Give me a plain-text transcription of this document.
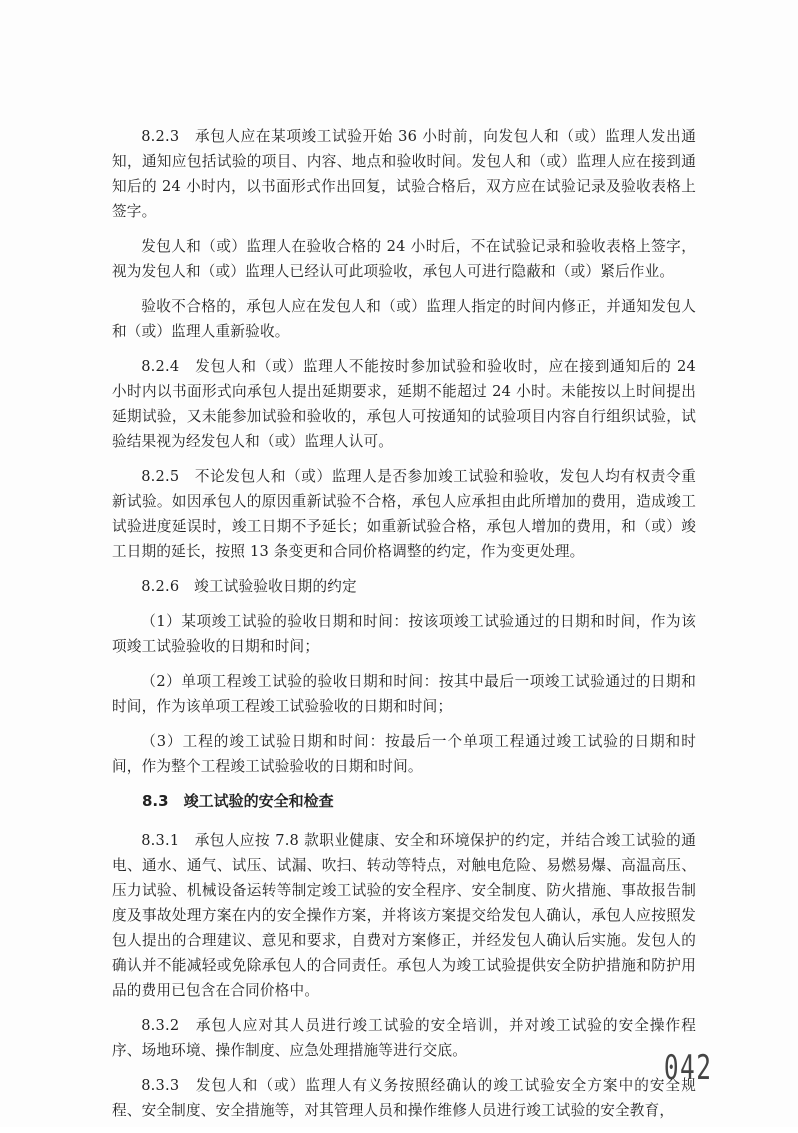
8.2.3　承包人应在某项竣工试验开始 36 小时前，向发包人和（或）监理人发出通知，通知应包括试验的项目、内容、地点和验收时间。发包人和（或）监理人应在接到通知后的 24 小时内，以书面形式作出回复，试验合格后，双方应在试验记录及验收表格上签字。

发包人和（或）监理人在验收合格的 24 小时后，不在试验记录和验收表格上签字，视为发包人和（或）监理人已经认可此项验收，承包人可进行隐蔽和（或）紧后作业。

验收不合格的，承包人应在发包人和（或）监理人指定的时间内修正，并通知发包人和（或）监理人重新验收。

8.2.4　发包人和（或）监理人不能按时参加试验和验收时，应在接到通知后的 24 小时内以书面形式向承包人提出延期要求，延期不能超过 24 小时。未能按以上时间提出延期试验，又未能参加试验和验收的，承包人可按通知的试验项目内容自行组织试验，试验结果视为经发包人和（或）监理人认可。

8.2.5　不论发包人和（或）监理人是否参加竣工试验和验收，发包人均有权责令重新试验。如因承包人的原因重新试验不合格，承包人应承担由此所增加的费用，造成竣工试验进度延误时，竣工日期不予延长；如重新试验合格，承包人增加的费用，和（或）竣工日期的延长，按照 13 条变更和合同价格调整的约定，作为变更处理。

8.2.6　竣工试验验收日期的约定

（1）某项竣工试验的验收日期和时间：按该项竣工试验通过的日期和时间，作为该项竣工试验验收的日期和时间；

（2）单项工程竣工试验的验收日期和时间：按其中最后一项竣工试验通过的日期和时间，作为该单项工程竣工试验验收的日期和时间；

（3）工程的竣工试验日期和时间：按最后一个单项工程通过竣工试验的日期和时间，作为整个工程竣工试验验收的日期和时间。

8.3　竣工试验的安全和检查

8.3.1　承包人应按 7.8 款职业健康、安全和环境保护的约定，并结合竣工试验的通电、通水、通气、试压、试漏、吹扫、转动等特点，对触电危险、易燃易爆、高温高压、压力试验、机械设备运转等制定竣工试验的安全程序、安全制度、防火措施、事故报告制度及事故处理方案在内的安全操作方案，并将该方案提交给发包人确认，承包人应按照发包人提出的合理建议、意见和要求，自费对方案修正，并经发包人确认后实施。发包人的确认并不能减轻或免除承包人的合同责任。承包人为竣工试验提供安全防护措施和防护用品的费用已包含在合同价格中。

8.3.2　承包人应对其人员进行竣工试验的安全培训，并对竣工试验的安全操作程序、场地环境、操作制度、应急处理措施等进行交底。

8.3.3　发包人和（或）监理人有义务按照经确认的竣工试验安全方案中的安全规程、安全制度、安全措施等，对其管理人员和操作维修人员进行竣工试验的安全教育，

042
